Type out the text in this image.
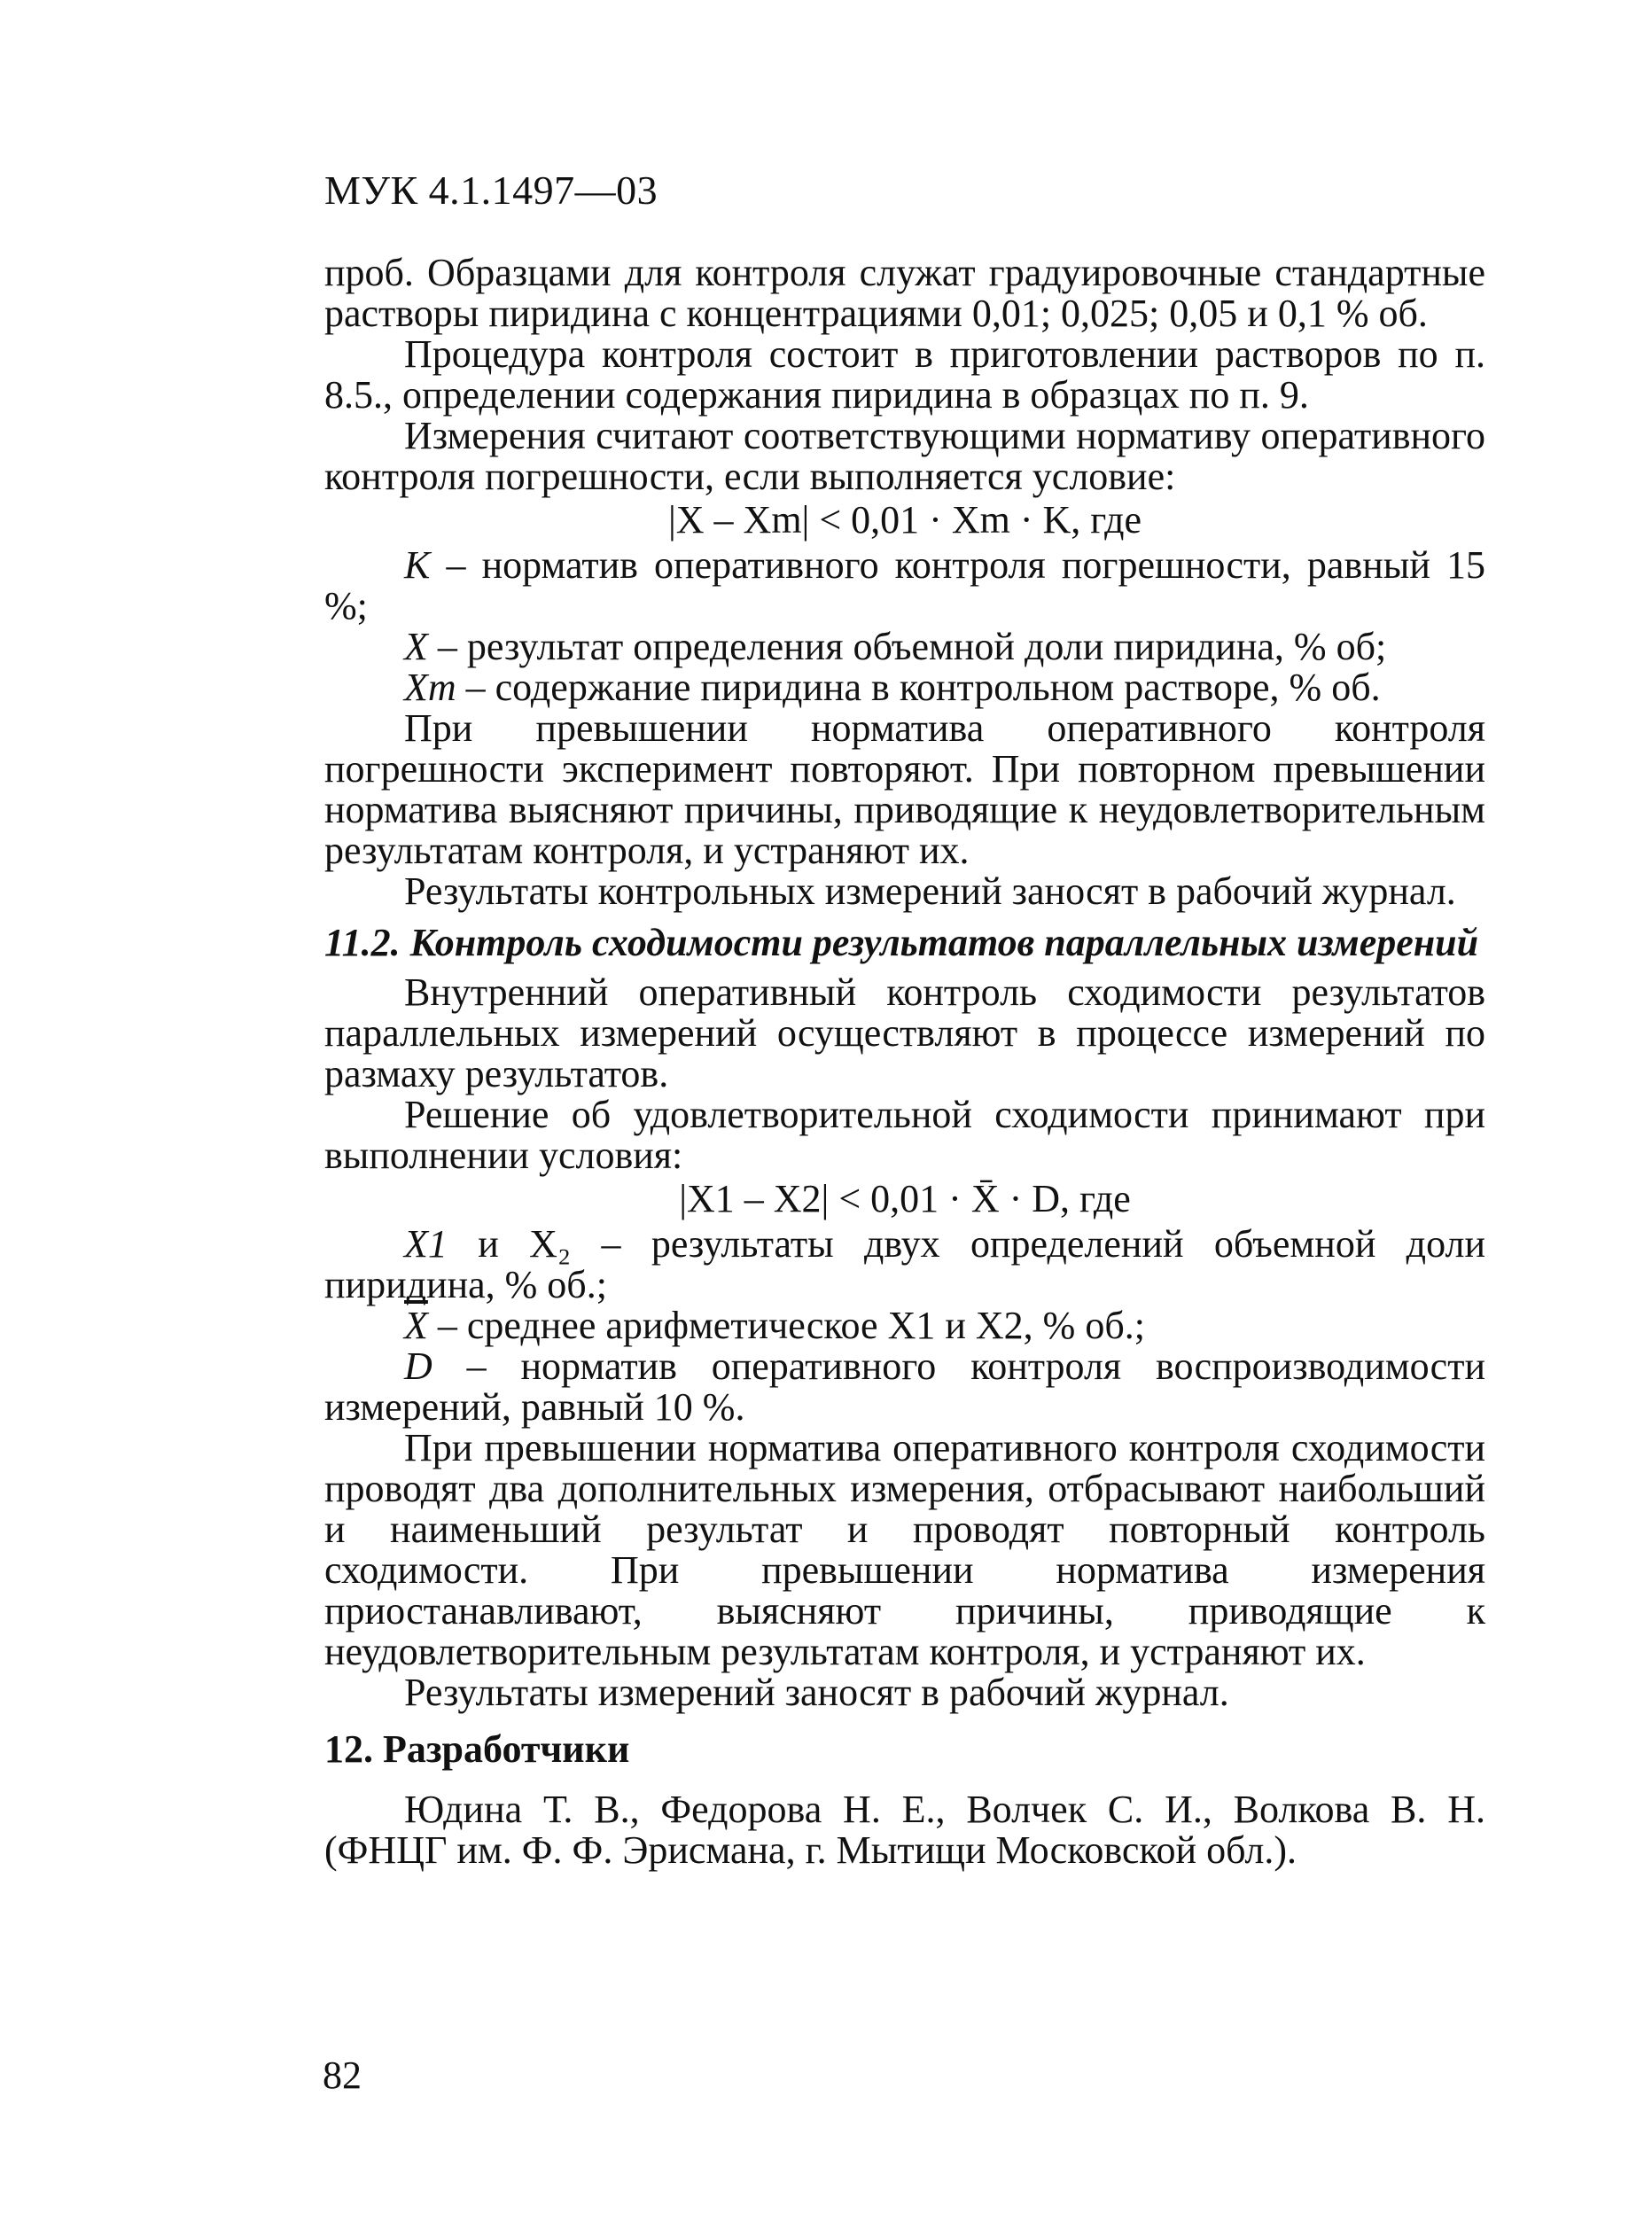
МУК 4.1.1497—03

проб. Образцами для контроля служат градуировочные стандартные растворы пиридина с концентрациями 0,01; 0,025; 0,05 и 0,1 % об.

Процедура контроля состоит в приготовлении растворов по п. 8.5., определении содержания пиридина в образцах по п. 9.

Измерения считают соответствующими нормативу оперативного контроля погрешности, если выполняется условие:

|X – Xm| < 0,01 · Xm · K, где

K – норматив оперативного контроля погрешности, равный 15 %;

X – результат определения объемной доли пиридина, % об;

Xm – содержание пиридина в контрольном растворе, % об.

При превышении норматива оперативного контроля погрешности эксперимент повторяют. При повторном превышении норматива выясняют причины, приводящие к неудовлетворительным результатам контроля, и устраняют их.

Результаты контрольных измерений заносят в рабочий журнал.

11.2. Контроль сходимости результатов параллельных измерений

Внутренний оперативный контроль сходимости результатов параллельных измерений осуществляют в процессе измерений по размаху результатов.

Решение об удовлетворительной сходимости принимают при выполнении условия:

|X1 – X2| < 0,01 · X̄ · D, где

X1 и X₂ – результаты двух определений объемной доли пиридина, % об.;

$\overline{X}$ – среднее арифметическое X1 и X2, % об.;

D – норматив оперативного контроля воспроизводимости измерений, равный 10 %.

При превышении норматива оперативного контроля сходимости проводят два дополнительных измерения, отбрасывают наибольший и наименьший результат и проводят повторный контроль сходимости. При превышении норматива измерения приостанавливают, выясняют причины, приводящие к неудовлетворительным результатам контроля, и устраняют их.

Результаты измерений заносят в рабочий журнал.

12. Разработчики

Юдина Т. В., Федорова Н. Е., Волчек С. И., Волкова В. Н. (ФНЦГ им. Ф. Ф. Эрисмана, г. Мытищи Московской обл.).

82
